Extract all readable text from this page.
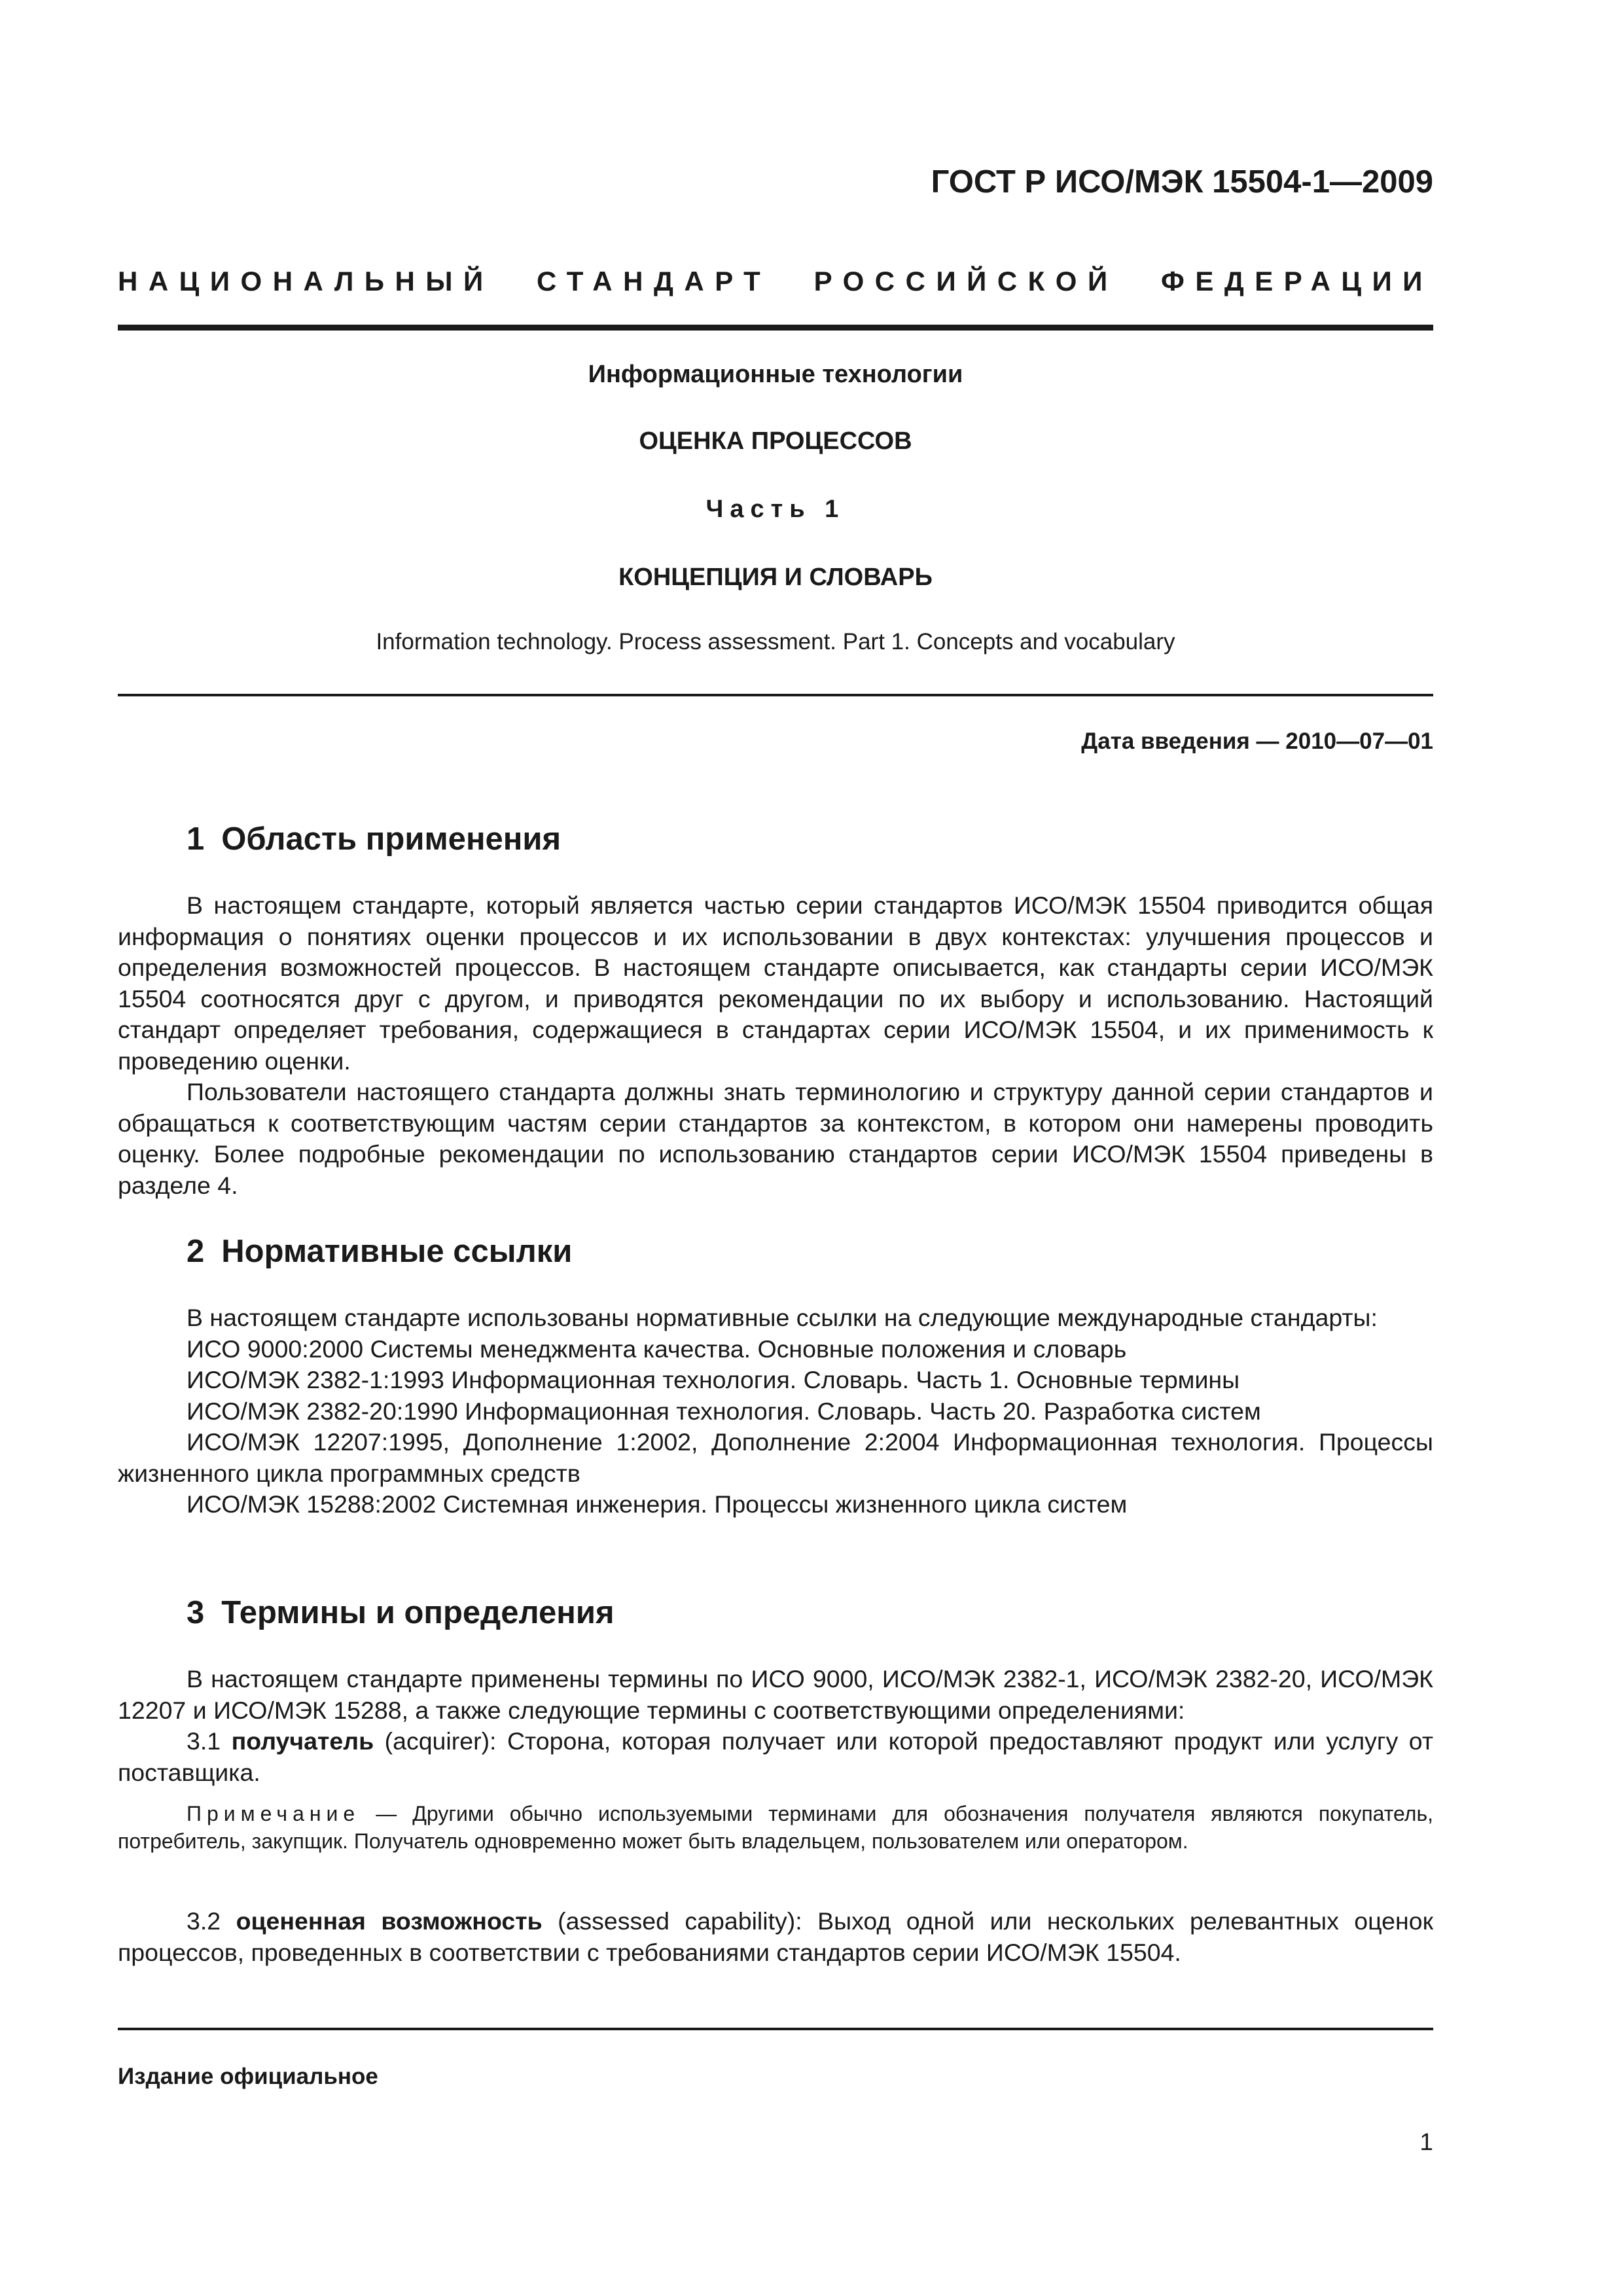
ГОСТ Р ИСО/МЭК 15504-1—2009
НАЦИОНАЛЬНЫЙ СТАНДАРТ РОССИЙСКОЙ ФЕДЕРАЦИИ
Информационные технологии
ОЦЕНКА ПРОЦЕССОВ
Часть 1
КОНЦЕПЦИЯ И СЛОВАРЬ
Information technology. Process assessment. Part 1. Concepts and vocabulary
Дата введения — 2010—07—01
1 Область применения

В настоящем стандарте, который является частью серии стандартов ИСО/МЭК 15504 приводится общая информация о понятиях оценки процессов и их использовании в двух контекстах: улучшения процессов и определения возможностей процессов. В настоящем стандарте описывается, как стандарты серии ИСО/МЭК 15504 соотносятся друг с другом, и приводятся рекомендации по их выбору и использованию. Настоящий стандарт определяет требования, содержащиеся в стандартах серии ИСО/МЭК 15504, и их применимость к проведению оценки.

Пользователи настоящего стандарта должны знать терминологию и структуру данной серии стандартов и обращаться к соответствующим частям серии стандартов за контекстом, в котором они намерены проводить оценку. Более подробные рекомендации по использованию стандартов серии ИСО/МЭК 15504 приведены в разделе 4.

2 Нормативные ссылки

В настоящем стандарте использованы нормативные ссылки на следующие международные стандарты:

ИСО 9000:2000 Системы менеджмента качества. Основные положения и словарь

ИСО/МЭК 2382-1:1993 Информационная технология. Словарь. Часть 1. Основные термины

ИСО/МЭК 2382-20:1990 Информационная технология. Словарь. Часть 20. Разработка систем

ИСО/МЭК 12207:1995, Дополнение 1:2002, Дополнение 2:2004 Информационная технология. Процессы жизненного цикла программных средств

ИСО/МЭК 15288:2002 Системная инженерия. Процессы жизненного цикла систем

3 Термины и определения

В настоящем стандарте применены термины по ИСО 9000, ИСО/МЭК 2382-1, ИСО/МЭК 2382-20, ИСО/МЭК 12207 и ИСО/МЭК 15288, а также следующие термины с соответствующими определениями:

3.1 получатель (acquirer): Сторона, которая получает или которой предоставляют продукт или услугу от поставщика.

Примечание — Другими обычно используемыми терминами для обозначения получателя являются покупатель, потребитель, закупщик. Получатель одновременно может быть владельцем, пользователем или оператором.

3.2 оцененная возможность (assessed capability): Выход одной или нескольких релевантных оценок процессов, проведенных в соответствии с требованиями стандартов серии ИСО/МЭК 15504.

Издание официальное
1
